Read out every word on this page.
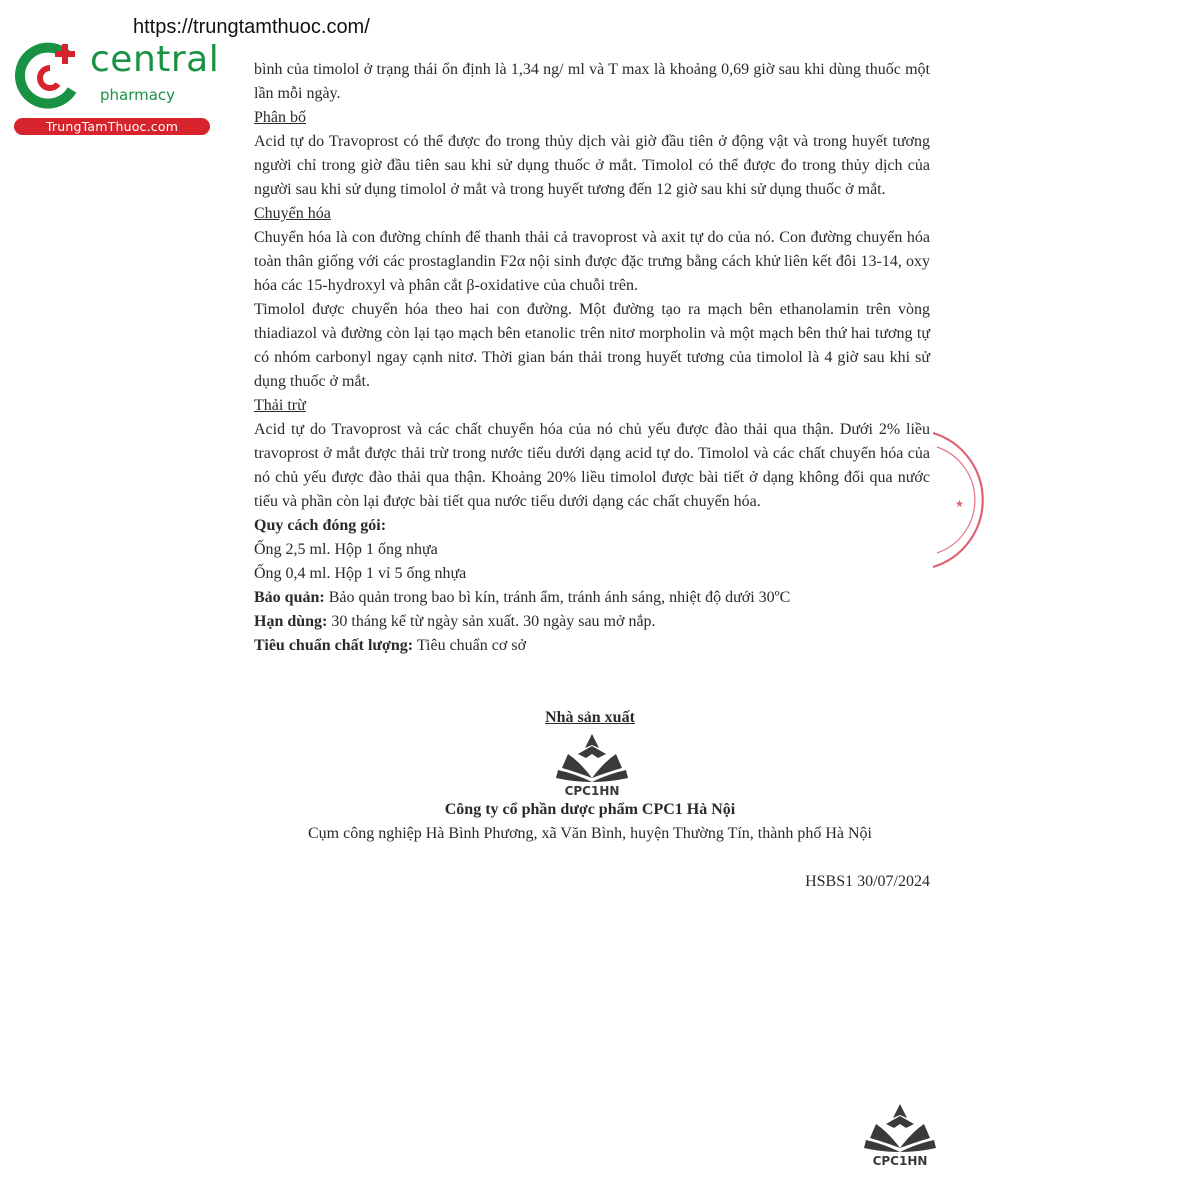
https://trungtamthuoc.com/
central
pharmacy
TrungTamThuoc.com

bình của timolol ở trạng thái ổn định là 1,34 ng/ ml và T max là khoảng 0,69 giờ sau khi dùng thuốc một lần mỗi ngày.

Phân bố

Acid tự do Travoprost có thể được đo trong thủy dịch vài giờ đầu tiên ở động vật và trong huyết tương người chỉ trong giờ đầu tiên sau khi sử dụng thuốc ở mắt. Timolol có thể được đo trong thủy dịch của người sau khi sử dụng timolol ở mắt và trong huyết tương đến 12 giờ sau khi sử dụng thuốc ở mắt.

Chuyển hóa

Chuyển hóa là con đường chính để thanh thải cả travoprost và axit tự do của nó. Con đường chuyển hóa toàn thân giống với các prostaglandin F2α nội sinh được đặc trưng bằng cách khử liên kết đôi 13-14, oxy hóa các 15-hydroxyl và phân cắt β-oxidative của chuỗi trên.

Timolol được chuyển hóa theo hai con đường. Một đường tạo ra mạch bên ethanolamin trên vòng thiadiazol và đường còn lại tạo mạch bên etanolic trên nitơ morpholin và một mạch bên thứ hai tương tự có nhóm carbonyl ngay cạnh nitơ. Thời gian bán thải trong huyết tương của timolol là 4 giờ sau khi sử dụng thuốc ở mắt.

Thải trừ

Acid tự do Travoprost và các chất chuyển hóa của nó chủ yếu được đào thải qua thận. Dưới 2% liều travoprost ở mắt được thải trừ trong nước tiểu dưới dạng acid tự do. Timolol và các chất chuyển hóa của nó chủ yếu được đào thải qua thận. Khoảng 20% liều timolol được bài tiết ở dạng không đổi qua nước tiểu và phần còn lại được bài tiết qua nước tiểu dưới dạng các chất chuyển hóa.

Quy cách đóng gói:

Ống 2,5 ml. Hộp 1 ống nhựa

Ống 0,4 ml. Hộp 1 vỉ 5 ống nhựa

Bảo quản: Bảo quản trong bao bì kín, tránh ẩm, tránh ánh sáng, nhiệt độ dưới 30ºC

Hạn dùng: 30 tháng kể từ ngày sản xuất. 30 ngày sau mở nắp.

Tiêu chuẩn chất lượng: Tiêu chuẩn cơ sở

★
Nhà sản xuất
CPC1HN
Công ty cổ phần dược phẩm CPC1 Hà Nội
Cụm công nghiệp Hà Bình Phương, xã Văn Bình, huyện Thường Tín, thành phố Hà Nội
HSBS1 30/07/2024
CPC1HN
